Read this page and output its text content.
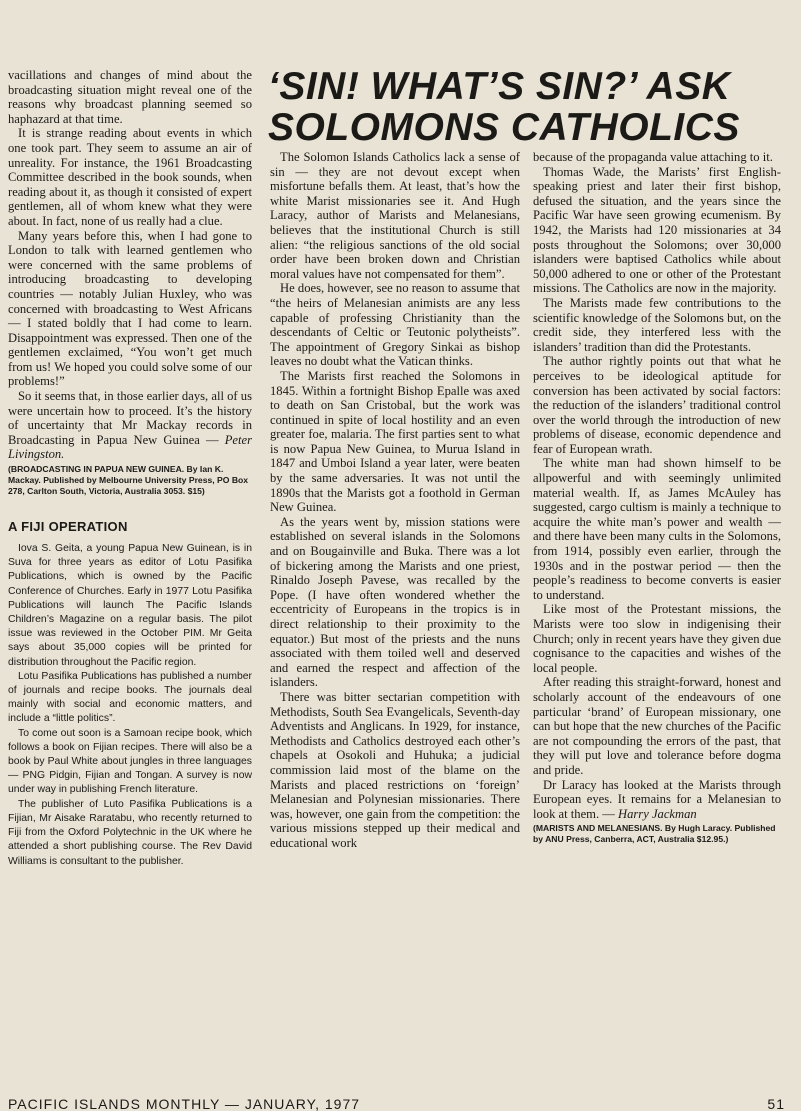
vacillations and changes of mind about the broadcasting situation might reveal one of the reasons why broadcast planning seemed so haphazard at that time.

It is strange reading about events in which one took part. They seem to assume an air of unreality. For instance, the 1961 Broadcasting Committee described in the book sounds, when reading about it, as though it consisted of expert gentlemen, all of whom knew what they were about. In fact, none of us really had a clue.

Many years before this, when I had gone to London to talk with learned gentlemen who were concerned with the same problems of introducing broadcasting to developing countries — notably Julian Huxley, who was concerned with broadcasting to West Africans — I stated boldly that I had come to learn. Disappointment was expressed. Then one of the gentlemen exclaimed, “You won’t get much from us! We hoped you could solve some of our problems!”

So it seems that, in those earlier days, all of us were uncertain how to proceed. It’s the history of uncertainty that Mr Mackay records in Broadcasting in Papua New Guinea — Peter Livingston.

(BROADCASTING IN PAPUA NEW GUINEA. By Ian K. Mackay. Published by Melbourne University Press, PO Box 278, Carlton South, Victoria, Australia 3053. $15)

A FIJI OPERATION

Iova S. Geita, a young Papua New Guinean, is in Suva for three years as editor of Lotu Pasifika Publications, which is owned by the Pacific Conference of Churches. Early in 1977 Lotu Pasifika Publications will launch The Pacific Islands Children’s Magazine on a regular basis. The pilot issue was reviewed in the October PIM. Mr Geita says about 35,000 copies will be printed for distribution throughout the Pacific region.

Lotu Pasifika Publications has published a number of journals and recipe books. The journals deal mainly with social and economic matters, and include a “little politics”.

To come out soon is a Samoan recipe book, which follows a book on Fijian recipes. There will also be a book by Paul White about jungles in three languages — PNG Pidgin, Fijian and Tongan. A survey is now under way in publishing French literature.

The publisher of Luto Pasifika Publications is a Fijian, Mr Aisake Raratabu, who recently returned to Fiji from the Oxford Polytechnic in the UK where he attended a short publishing course. The Rev David Williams is consultant to the publisher.

‘SIN! WHAT’S SIN?’ ASK
SOLOMONS CATHOLICS

The Solomon Islands Catholics lack a sense of sin — they are not devout except when misfortune befalls them. At least, that’s how the white Marist missionaries see it. And Hugh Laracy, author of Marists and Melanesians, believes that the institutional Church is still alien: “the religious sanctions of the old social order have been broken down and Christian moral values have not compensated for them”.

He does, however, see no reason to assume that “the heirs of Melanesian animists are any less capable of professing Christianity than the descendants of Celtic or Teutonic polytheists”. The appointment of Gregory Sinkai as bishop leaves no doubt what the Vatican thinks.

The Marists first reached the Solomons in 1845. Within a fortnight Bishop Epalle was axed to death on San Cristobal, but the work was continued in spite of local hostility and an even greater foe, malaria. The first parties sent to what is now Papua New Guinea, to Murua Island in 1847 and Umboi Island a year later, were beaten by the same adversaries. It was not until the 1890s that the Marists got a foothold in German New Guinea.

As the years went by, mission stations were established on several islands in the Solomons and on Bougainville and Buka. There was a lot of bickering among the Marists and one priest, Rinaldo Joseph Pavese, was recalled by the Pope. (I have often wondered whether the eccentricity of Europeans in the tropics is in direct relationship to their proximity to the equator.) But most of the priests and the nuns associated with them toiled well and deserved and earned the respect and affection of the islanders.

There was bitter sectarian competition with Methodists, South Sea Evangelicals, Seventh-day Adventists and Anglicans. In 1929, for instance, Methodists and Catholics destroyed each other’s chapels at Osokoli and Huhuka; a judicial commission laid most of the blame on the Marists and placed restrictions on ‘foreign’ Melanesian and Polynesian missionaries. There was, however, one gain from the competition: the various missions stepped up their medical and educational work

because of the propaganda value attaching to it.

Thomas Wade, the Marists’ first English-speaking priest and later their first bishop, defused the situation, and the years since the Pacific War have seen growing ecumenism. By 1942, the Marists had 120 missionaries at 34 posts throughout the Solomons; over 30,000 islanders were baptised Catholics while about 50,000 adhered to one or other of the Protestant missions. The Catholics are now in the majority.

The Marists made few contributions to the scientific knowledge of the Solomons but, on the credit side, they interfered less with the islanders’ tradition than did the Protestants.

The author rightly points out that what he perceives to be ideological aptitude for conversion has been activated by social factors: the reduction of the islanders’ traditional control over the world through the introduction of new problems of disease, economic dependence and fear of European wrath.

The white man had shown himself to be allpowerful and with seemingly unlimited material wealth. If, as James McAuley has suggested, cargo cultism is mainly a technique to acquire the white man’s power and wealth — and there have been many cults in the Solomons, from 1914, possibly even earlier, through the 1930s and in the postwar period — then the people’s readiness to become converts is easier to understand.

Like most of the Protestant missions, the Marists were too slow in indigenising their Church; only in recent years have they given due cognisance to the capacities and wishes of the local people.

After reading this straight-forward, honest and scholarly account of the endeavours of one particular ‘brand’ of European missionary, one can but hope that the new churches of the Pacific are not compounding the errors of the past, that they will put love and tolerance before dogma and pride.

Dr Laracy has looked at the Marists through European eyes. It remains for a Melanesian to look at them. — Harry Jackman

(MARISTS AND MELANESIANS. By Hugh Laracy. Published by ANU Press, Canberra, ACT, Australia $12.95.)

PACIFIC ISLANDS MONTHLY — JANUARY, 1977	51
